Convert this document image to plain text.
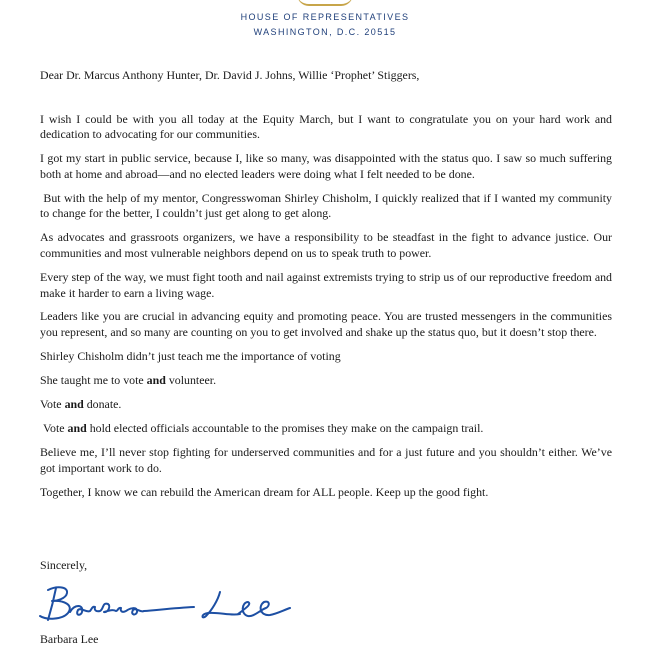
HOUSE OF REPRESENTATIVES
WASHINGTON, D.C. 20515

Dear Dr. Marcus Anthony Hunter, Dr. David J. Johns, Willie ‘Prophet’ Stiggers,

I wish I could be with you all today at the Equity March, but I want to congratulate you on your hard work and dedication to advocating for our communities.

I got my start in public service, because I, like so many, was disappointed with the status quo. I saw so much suffering both at home and abroad—and no elected leaders were doing what I felt needed to be done.

But with the help of my mentor, Congresswoman Shirley Chisholm, I quickly realized that if I wanted my community to change for the better, I couldn’t just get along to get along.

As advocates and grassroots organizers, we have a responsibility to be steadfast in the fight to advance justice. Our communities and most vulnerable neighbors depend on us to speak truth to power.

Every step of the way, we must fight tooth and nail against extremists trying to strip us of our reproductive freedom and make it harder to earn a living wage.

Leaders like you are crucial in advancing equity and promoting peace. You are trusted messengers in the communities you represent, and so many are counting on you to get involved and shake up the status quo, but it doesn’t stop there.

Shirley Chisholm didn’t just teach me the importance of voting

She taught me to vote and volunteer.

Vote and donate.

Vote and hold elected officials accountable to the promises they make on the campaign trail.

Believe me, I’ll never stop fighting for underserved communities and for a just future and you shouldn’t either. We’ve got important work to do.

Together, I know we can rebuild the American dream for ALL people. Keep up the good fight.

Sincerely,
Barbara Lee
